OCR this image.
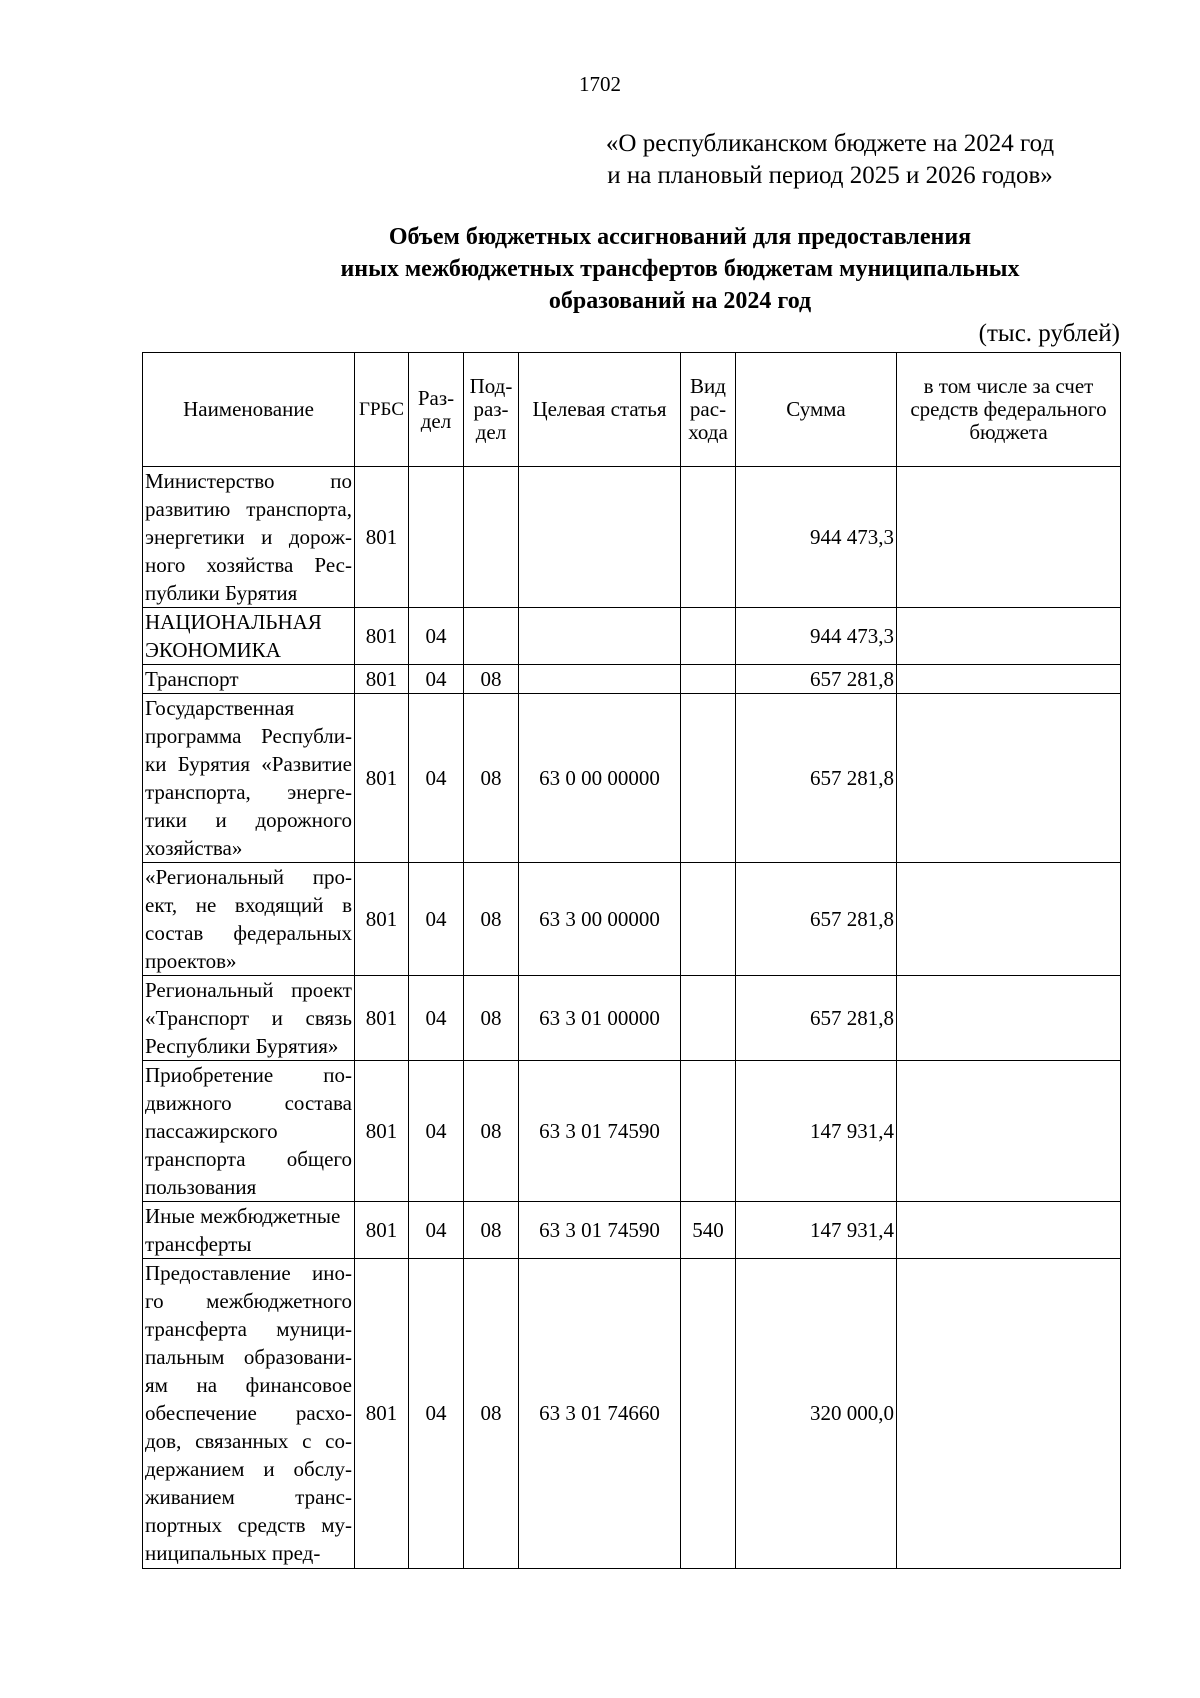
1702
«О республиканском бюджете на 2024 год
и на плановый период 2025 и 2026 годов»
Объем бюджетных ассигнований для предоставления
иных межбюджетных трансфертов бюджетам муниципальных
образований на 2024 год
(тыс. рублей)
Наименование	ГРБС	Раз-дел	Под-раз-дел	Целевая статья	Вид рас-хода	Сумма	в том числе за счет средств федерального бюджета
Министерство по развитию транспорта, энергетики и дорож-ного хозяйства Рес-публики Бурятия	801					944 473,3	
НАЦИОНАЛЬНАЯ ЭКОНОМИКА	801	04				944 473,3	
Транспорт	801	04	08			657 281,8	
Государственная программа Республи-ки Бурятия «Развитие транспорта, энерге-тики и дорожного хозяйства»	801	04	08	63 0 00 00000		657 281,8	
«Региональный про-ект, не входящий в состав федеральных проектов»	801	04	08	63 3 00 00000		657 281,8	
Региональный проект «Транспорт и связь Республики Бурятия»	801	04	08	63 3 01 00000		657 281,8	
Приобретение по-движного состава пассажирского транспорта общего пользования	801	04	08	63 3 01 74590		147 931,4	
Иные межбюджетные трансферты	801	04	08	63 3 01 74590	540	147 931,4	
Предоставление ино-го межбюджетного трансферта муници-пальным образовани-ям на финансовое обеспечение расхо-дов, связанных с со-держанием и обслу-живанием транс-портных средств му-ниципальных пред-	801	04	08	63 3 01 74660		320 000,0	
